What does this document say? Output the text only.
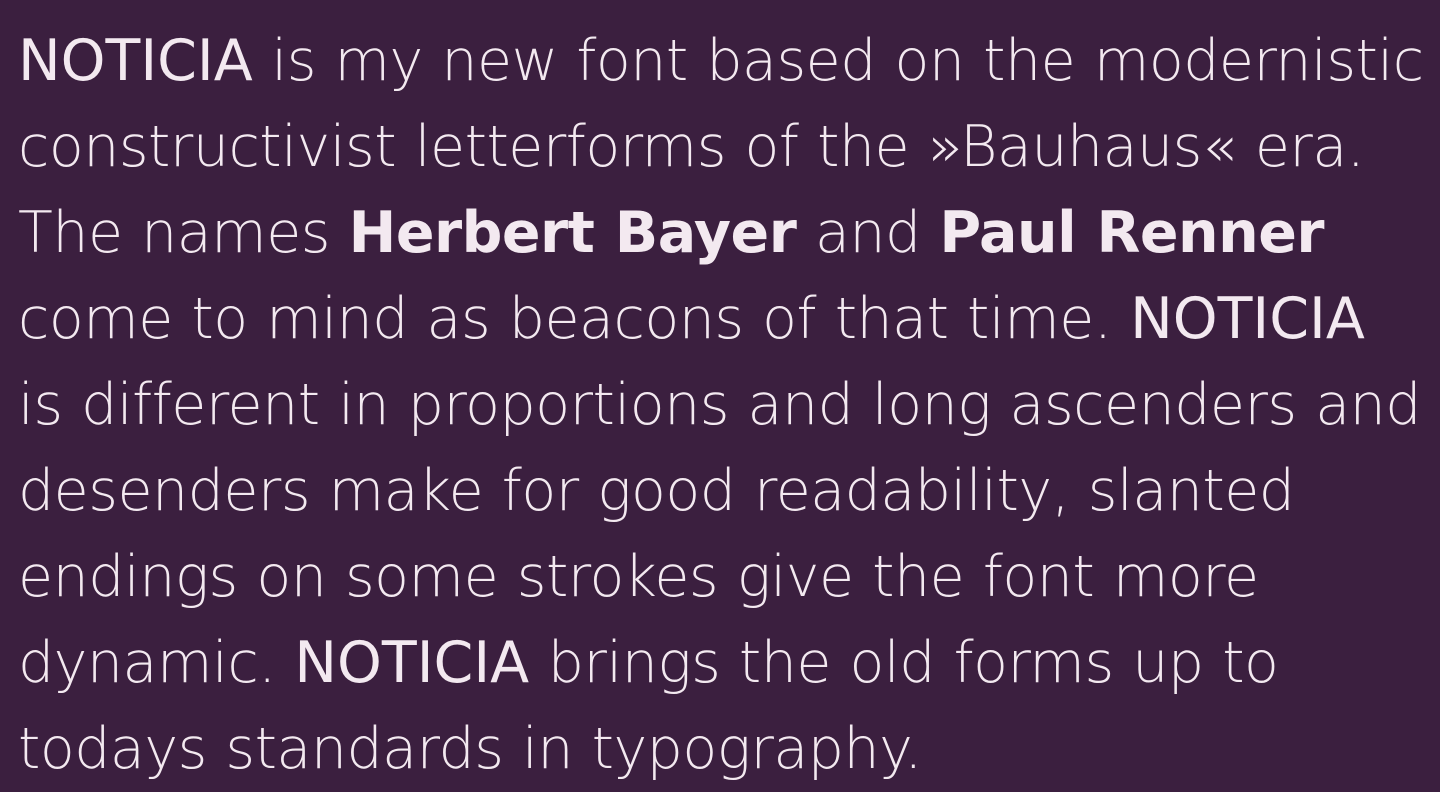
NOTICIA is my new font based on the modernistic constructivist letterforms of the »Bauhaus« era. The names Herbert Bayer and Paul Renner come to mind as beacons of that time. NOTICIA is different in proportions and long ascenders and desenders make for good readability, slanted endings on some strokes give the font more dynamic. NOTICIA brings the old forms up to todays standards in typography.
